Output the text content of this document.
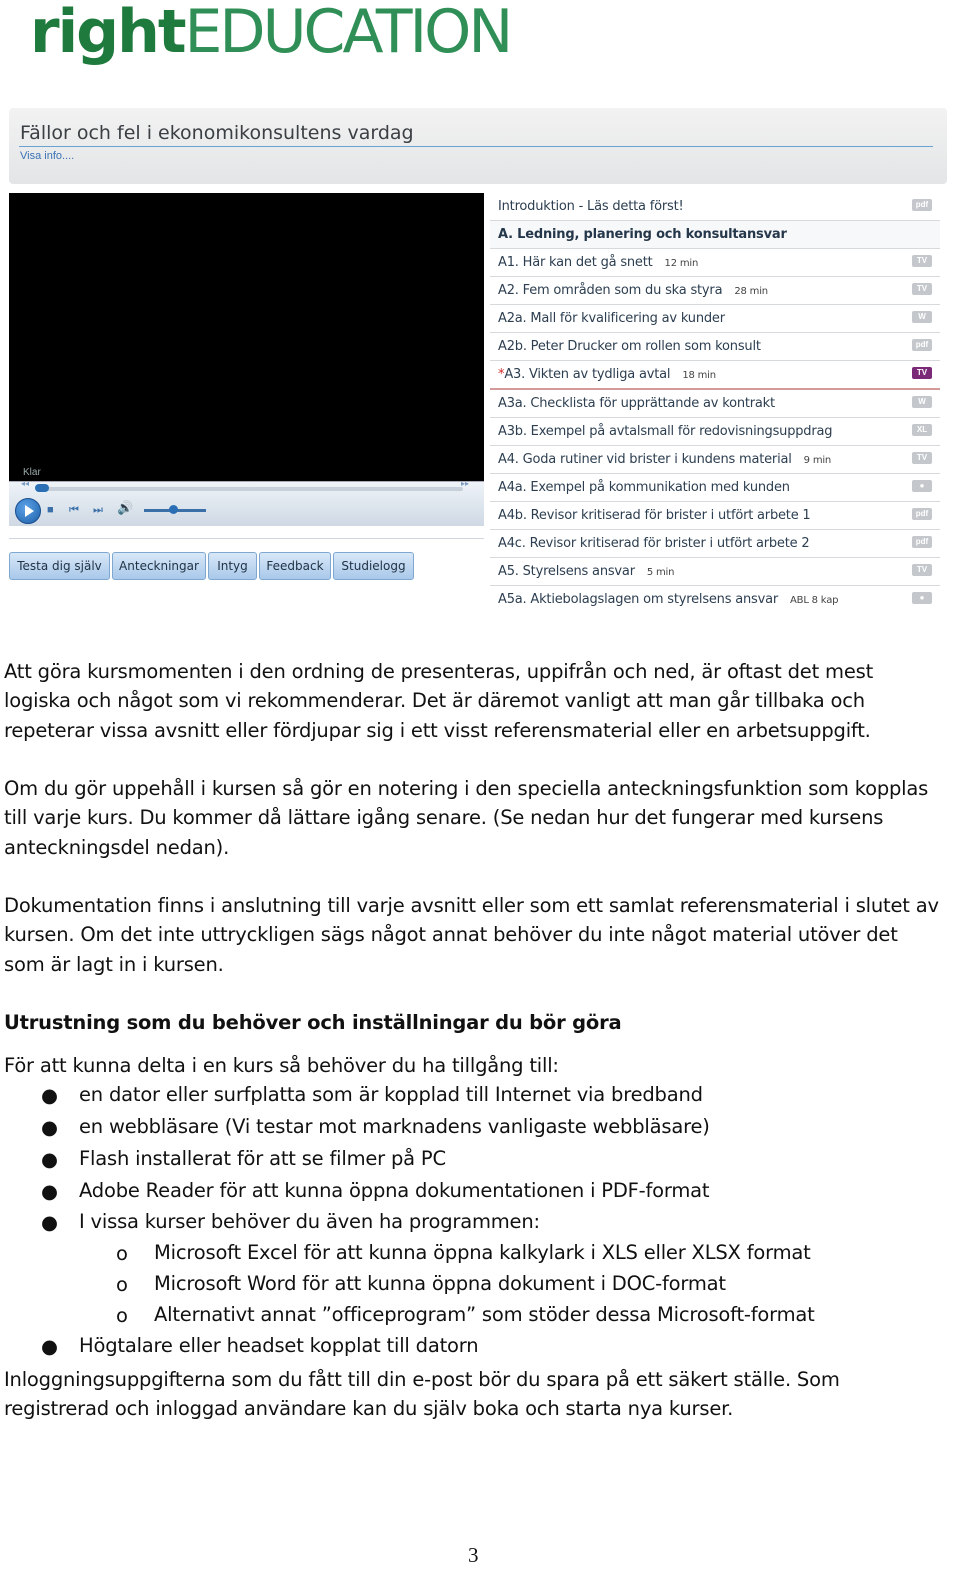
rightEDUCATION
Fällor och fel i ekonomikonsultens vardag
Visa info....
Klar
◂◂	▸▸
■ ⏮ ⏭ 🔊
Testa dig själv	Anteckningar	Intyg	Feedback	Studielogg
Introduktion - Läs detta först!	pdf
A. Ledning, planering och konsultansvar
A1. Här kan det gå snett 12 min	TV
A2. Fem områden som du ska styra 28 min	TV
A2a. Mall för kvalificering av kunder	W
A2b. Peter Drucker om rollen som konsult	pdf
*A3. Vikten av tydliga avtal 18 min	TV
A3a. Checklista för upprättande av kontrakt	W
A3b. Exempel på avtalsmall för redovisningsuppdrag	XL
A4. Goda rutiner vid brister i kundens material 9 min	TV
A4a. Exempel på kommunikation med kunden	●
A4b. Revisor kritiserad för brister i utfört arbete 1	pdf
A4c. Revisor kritiserad för brister i utfört arbete 2	pdf
A5. Styrelsens ansvar 5 min	TV
A5a. Aktiebolagslagen om styrelsens ansvar ABL 8 kap	●
Att göra kursmomenten i den ordning de presenteras, uppifrån och ned, är oftast det mest logiska och något som vi rekommenderar. Det är däremot vanligt att man går tillbaka och repeterar vissa avsnitt eller fördjupar sig i ett visst referensmaterial eller en arbetsuppgift.
Om du gör uppehåll i kursen så gör en notering i den speciella anteckningsfunktion som kopplas till varje kurs. Du kommer då lättare igång senare. (Se nedan hur det fungerar med kursens anteckningsdel nedan).
Dokumentation finns i anslutning till varje avsnitt eller som ett samlat referensmaterial i slutet av kursen. Om det inte uttryckligen sägs något annat behöver du inte något material utöver det som är lagt in i kursen.
Utrustning som du behöver och inställningar du bör göra
För att kunna delta i en kurs så behöver du ha tillgång till:
● en dator eller surfplatta som är kopplad till Internet via bredband
● en webbläsare (Vi testar mot marknadens vanligaste webbläsare)
● Flash installerat för att se filmer på PC
● Adobe Reader för att kunna öppna dokumentationen i PDF-format
● I vissa kurser behöver du även ha programmen:
o Microsoft Excel för att kunna öppna kalkylark i XLS eller XLSX format
o Microsoft Word för att kunna öppna dokument i DOC-format
o Alternativt annat ”officeprogram” som stöder dessa Microsoft-format
● Högtalare eller headset kopplat till datorn
Inloggningsuppgifterna som du fått till din e-post bör du spara på ett säkert ställe. Som registrerad och inloggad användare kan du själv boka och starta nya kurser.
3
